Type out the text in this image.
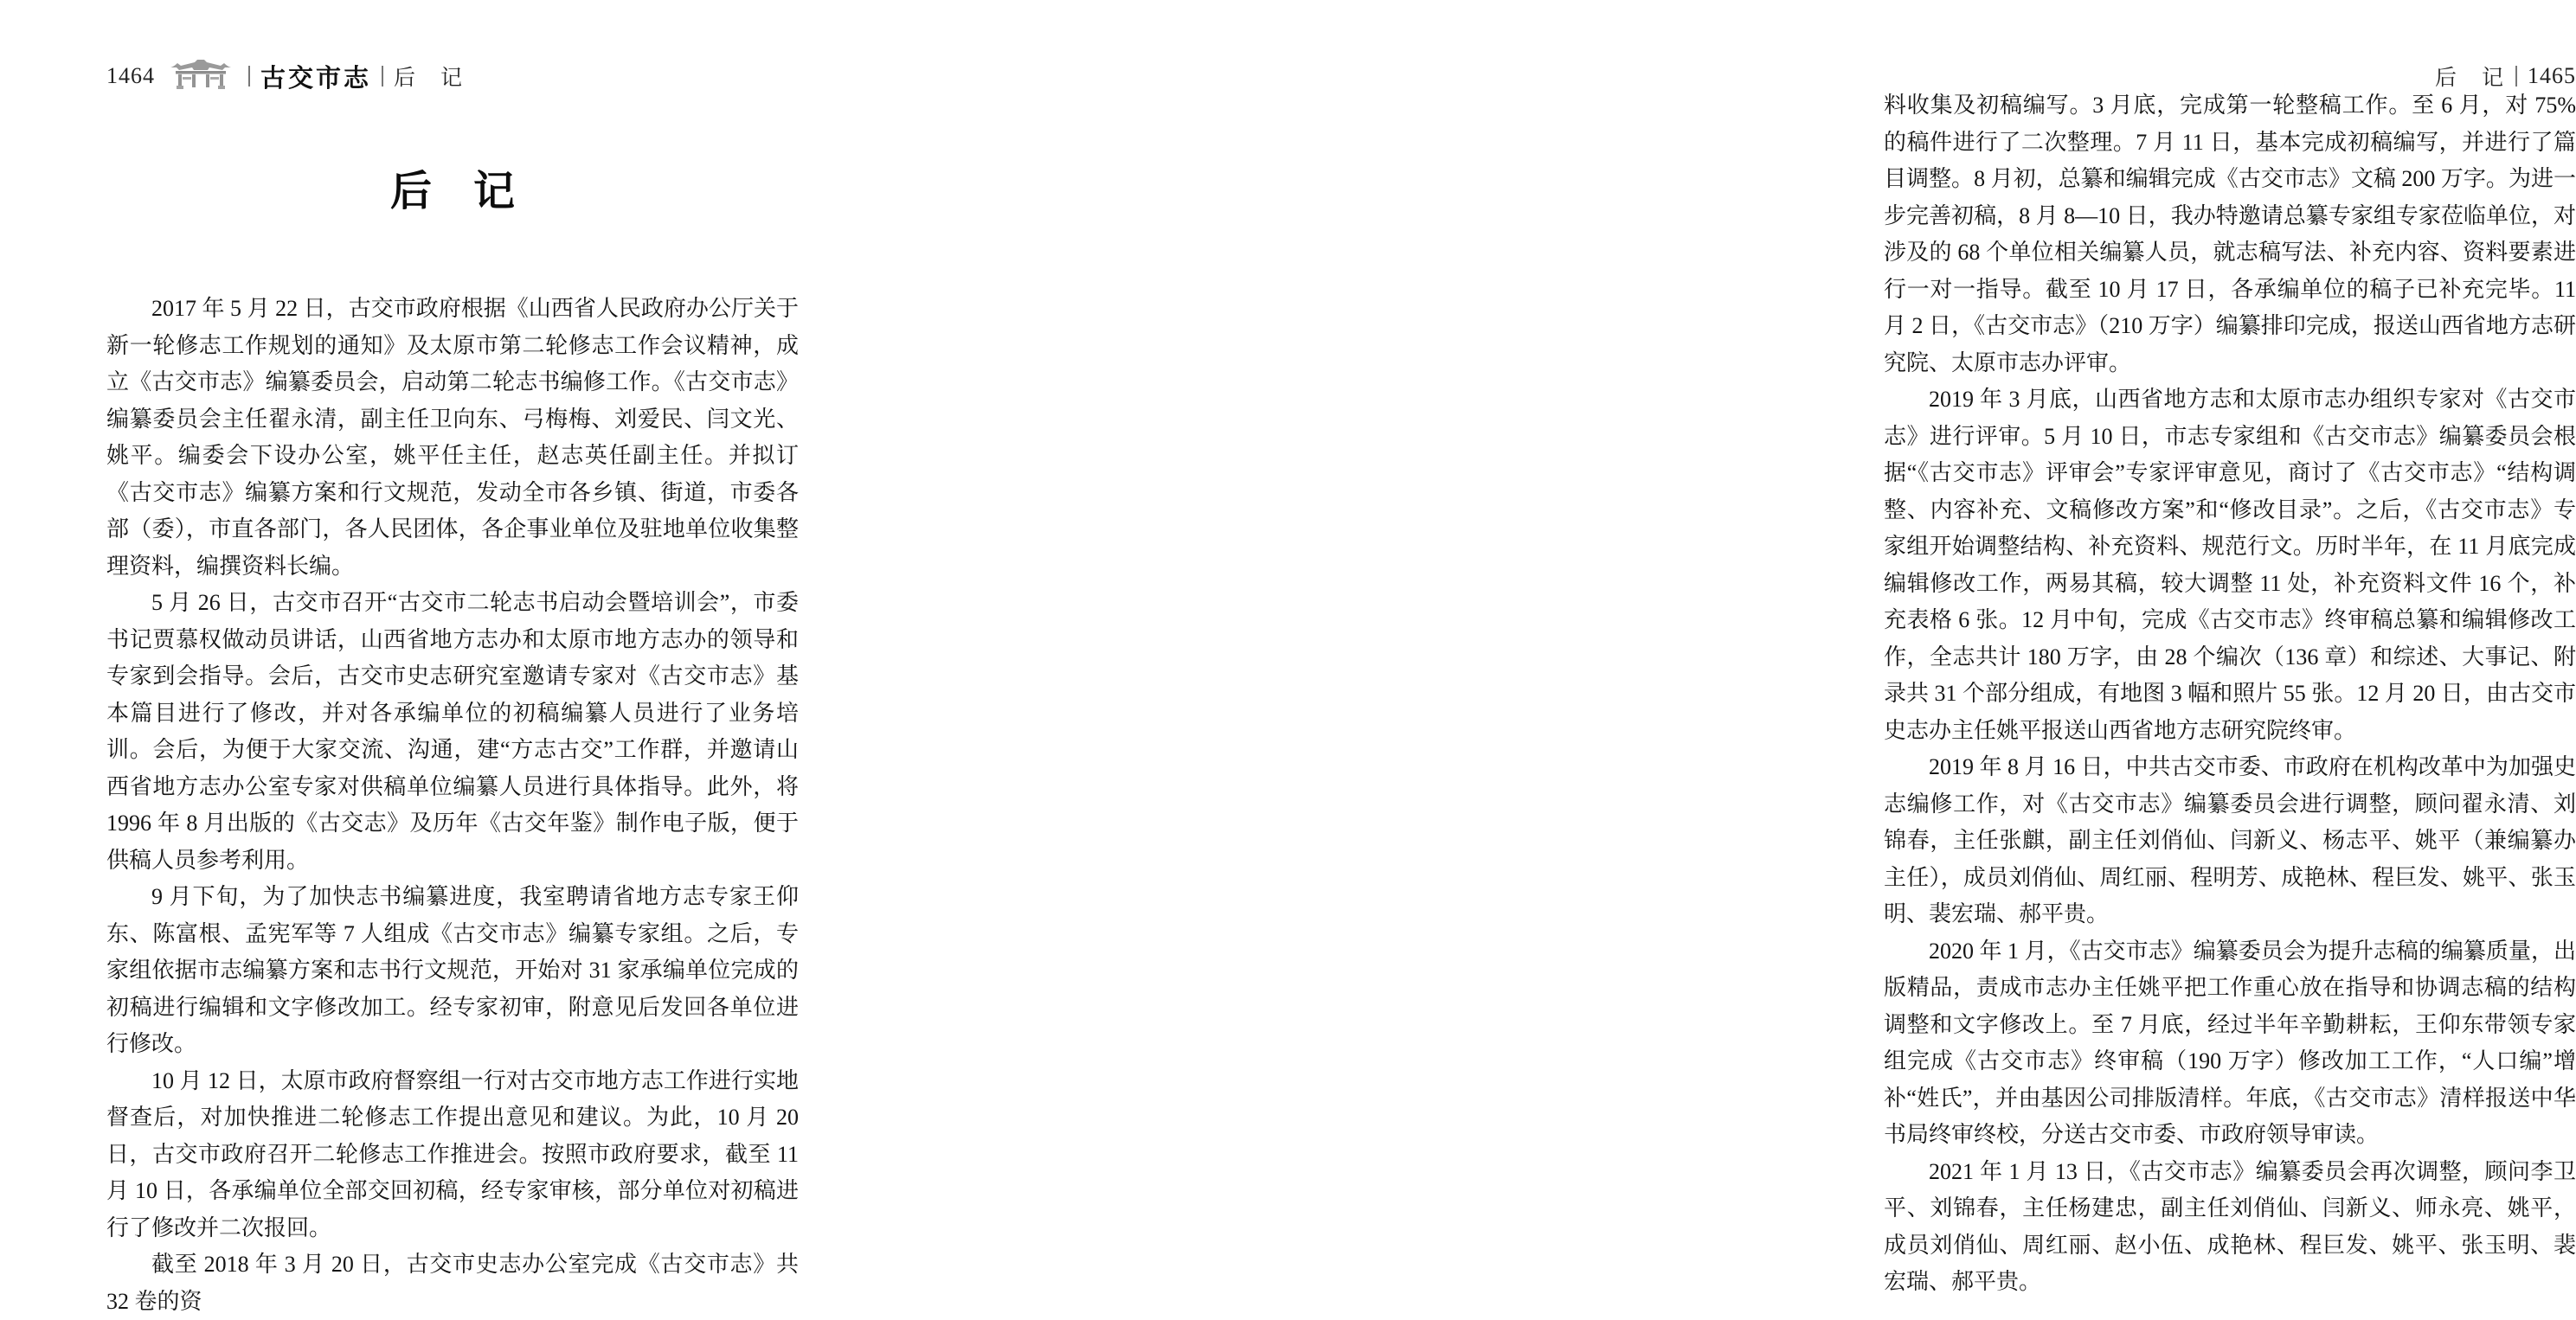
1464	古交市志 后　记
后　记

2017 年 5 月 22 日，古交市政府根据《山西省人民政府办公厅关于新一轮修志工作规划的通知》及太原市第二轮修志工作会议精神，成立《古交市志》编纂委员会，启动第二轮志书编修工作。《古交市志》编纂委员会主任翟永清，副主任卫向东、弓梅梅、刘爱民、闫文光、姚平。编委会下设办公室，姚平任主任，赵志英任副主任。并拟订《古交市志》编纂方案和行文规范，发动全市各乡镇、街道，市委各部（委），市直各部门，各人民团体，各企事业单位及驻地单位收集整理资料，编撰资料长编。

5 月 26 日，古交市召开“古交市二轮志书启动会暨培训会”，市委书记贾慕权做动员讲话，山西省地方志办和太原市地方志办的领导和专家到会指导。会后，古交市史志研究室邀请专家对《古交市志》基本篇目进行了修改，并对各承编单位的初稿编纂人员进行了业务培训。会后，为便于大家交流、沟通，建“方志古交”工作群，并邀请山西省地方志办公室专家对供稿单位编纂人员进行具体指导。此外，将 1996 年 8 月出版的《古交志》及历年《古交年鉴》制作电子版，便于供稿人员参考利用。

9 月下旬，为了加快志书编纂进度，我室聘请省地方志专家王仰东、陈富根、孟宪军等 7 人组成《古交市志》编纂专家组。之后，专家组依据市志编纂方案和志书行文规范，开始对 31 家承编单位完成的初稿进行编辑和文字修改加工。经专家初审，附意见后发回各单位进行修改。

10 月 12 日，太原市政府督察组一行对古交市地方志工作进行实地督查后，对加快推进二轮修志工作提出意见和建议。为此，10 月 20 日，古交市政府召开二轮修志工作推进会。按照市政府要求，截至 11 月 10 日，各承编单位全部交回初稿，经专家审核，部分单位对初稿进行了修改并二次报回。

截至 2018 年 3 月 20 日，古交市史志办公室完成《古交市志》共 32 卷的资

后　记 1465

料收集及初稿编写。3 月底，完成第一轮整稿工作。至 6 月，对 75% 的稿件进行了二次整理。7 月 11 日，基本完成初稿编写，并进行了篇目调整。8 月初，总纂和编辑完成《古交市志》文稿 200 万字。为进一步完善初稿，8 月 8—10 日，我办特邀请总纂专家组专家莅临单位，对涉及的 68 个单位相关编纂人员，就志稿写法、补充内容、资料要素进行一对一指导。截至 10 月 17 日，各承编单位的稿子已补充完毕。11 月 2 日，《古交市志》（210 万字）编纂排印完成，报送山西省地方志研究院、太原市志办评审。

2019 年 3 月底，山西省地方志和太原市志办组织专家对《古交市志》进行评审。5 月 10 日，市志专家组和《古交市志》编纂委员会根据“《古交市志》评审会”专家评审意见，商讨了《古交市志》“结构调整、内容补充、文稿修改方案”和“修改目录”。之后，《古交市志》专家组开始调整结构、补充资料、规范行文。历时半年，在 11 月底完成编辑修改工作，两易其稿，较大调整 11 处，补充资料文件 16 个，补充表格 6 张。12 月中旬，完成《古交市志》终审稿总纂和编辑修改工作，全志共计 180 万字，由 28 个编次（136 章）和综述、大事记、附录共 31 个部分组成，有地图 3 幅和照片 55 张。12 月 20 日，由古交市史志办主任姚平报送山西省地方志研究院终审。

2019 年 8 月 16 日，中共古交市委、市政府在机构改革中为加强史志编修工作，对《古交市志》编纂委员会进行调整，顾问翟永清、刘锦春，主任张麒，副主任刘俏仙、闫新义、杨志平、姚平（兼编纂办主任），成员刘俏仙、周红丽、程明芳、成艳林、程巨发、姚平、张玉明、裴宏瑞、郝平贵。

2020 年 1 月，《古交市志》编纂委员会为提升志稿的编纂质量，出版精品，责成市志办主任姚平把工作重心放在指导和协调志稿的结构调整和文字修改上。至 7 月底，经过半年辛勤耕耘，王仰东带领专家组完成《古交市志》终审稿（190 万字）修改加工工作，“人口编”增补“姓氏”，并由基因公司排版清样。年底，《古交市志》清样报送中华书局终审终校，分送古交市委、市政府领导审读。

2021 年 1 月 13 日，《古交市志》编纂委员会再次调整，顾问李卫平、刘锦春，主任杨建忠，副主任刘俏仙、闫新义、师永亮、姚平，成员刘俏仙、周红丽、赵小伍、成艳林、程巨发、姚平、张玉明、裴宏瑞、郝平贵。
